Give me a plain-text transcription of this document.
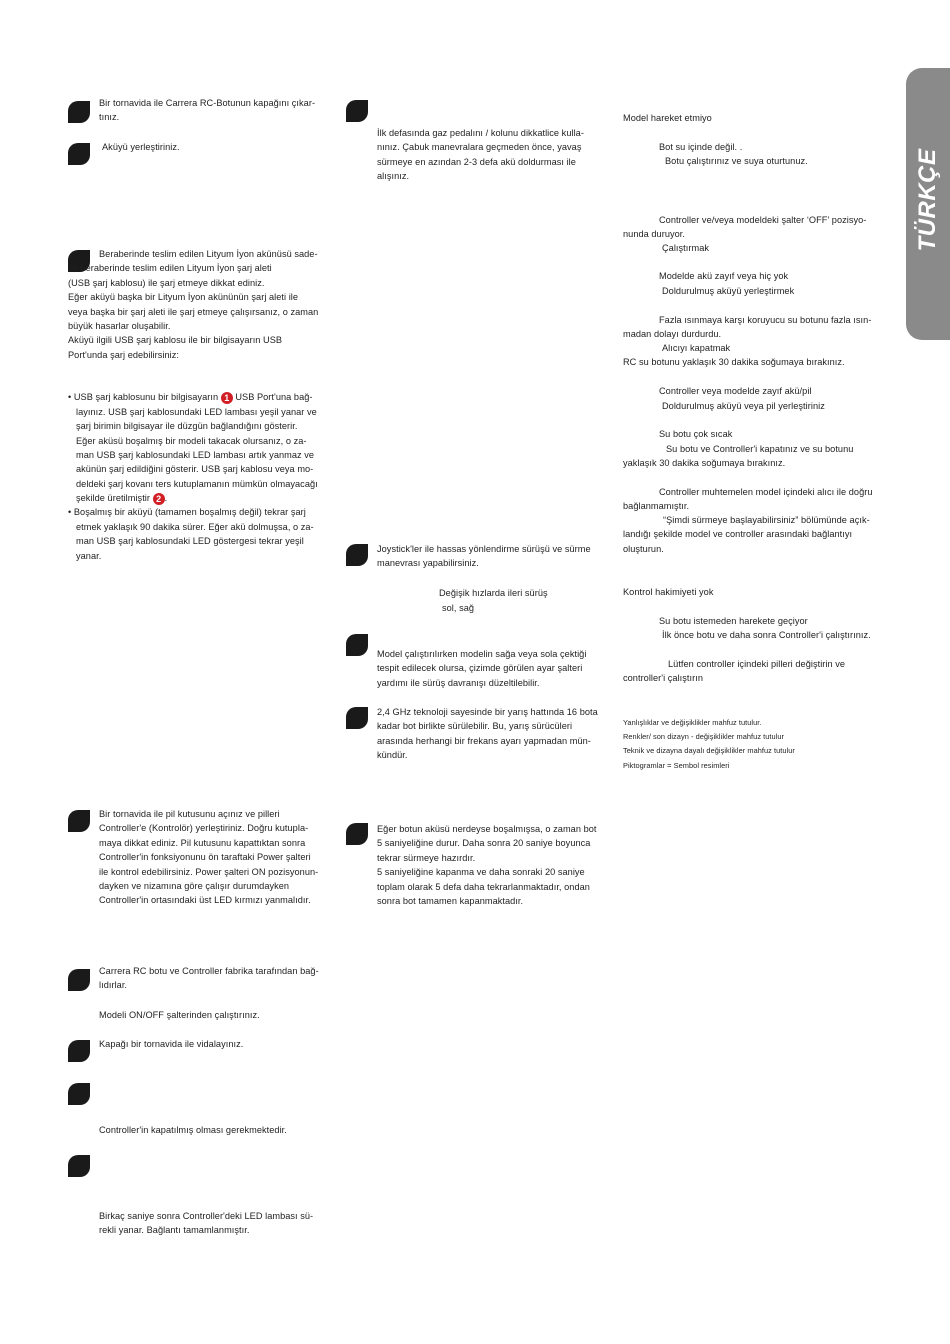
TÜRKÇE
Bir tornavida ile Carrera RC-Botunun kapağını çıkar-
tınız.
Aküyü yerleştiriniz.
Beraberinde teslim edilen Lityum İyon akünüsü sade-
ce beraberinde teslim edilen Lityum İyon şarj aleti
(USB şarj kablosu) ile şarj etmeye dikkat ediniz.
Eğer aküyü başka bir Lityum İyon akününün şarj aleti ile
veya başka bir şarj aleti ile şarj etmeye çalışırsanız, o zaman
büyük hasarlar oluşabilir.
Aküyü ilgili USB şarj kablosu ile bir bilgisayarın USB
Port'unda şarj edebilirsiniz:

• USB şarj kablosunu bir bilgisayarın 1 USB Port'una bağ-
layınız. USB şarj kablosundaki LED lambası yeşil yanar ve
şarj birimin bilgisayar ile düzgün bağlandığını gösterir.
Eğer aküsü boşalmış bir modeli takacak olursanız, o za-
man USB şarj kablosundaki LED lambası artık yanmaz ve
akünün şarj edildiğini gösterir. USB şarj kablosu veya mo-
deldeki şarj kovanı ters kutuplamanın mümkün olmayacağı
şekilde üretilmiştir 2 .

• Boşalmış bir aküyü (tamamen boşalmış değil) tekrar şarj
etmek yaklaşık 90 dakika sürer. Eğer akü dolmuşsa, o za-
man USB şarj kablosundaki LED göstergesi tekrar yeşil
yanar.

Bir tornavida ile pil kutusunu açınız ve pilleri
Controller'e (Kontrolör) yerleştiriniz. Doğru kutupla-
maya dikkat ediniz. Pil kutusunu kapattıktan sonra
Controller'in fonksiyonunu ön taraftaki Power şalteri
ile kontrol edebilirsiniz. Power şalteri ON pozisyonun-
dayken ve nizamına göre çalışır durumdayken
Controller'in ortasındaki üst LED kırmızı yanmalıdır.
Carrera RC botu ve Controller fabrika tarafından bağ-
lıdırlar.
Modeli ON/OFF şalterinden çalıştırınız.
Kapağı bir tornavida ile vidalayınız.
Controller'in kapatılmış olması gerekmektedir.
Birkaç saniye sonra Controller'deki LED lambası sü-
rekli yanar. Bağlantı tamamlanmıştır.
İlk defasında gaz pedalını / kolunu dikkatlice kulla-
nınız. Çabuk manevralara geçmeden önce, yavaş
sürmeye en azından 2-3 defa akü doldurması ile
alışınız.
Joystick'ler ile hassas yönlendirme sürüşü ve sürme
manevrası yapabilirsiniz.
Değişik hızlarda ileri sürüş
sol, sağ
Model çalıştırılırken modelin sağa veya sola çektiği
tespit edilecek olursa, çizimde görülen ayar şalteri
yardımı ile sürüş davranışı düzeltilebilir.
2,4 GHz teknoloji sayesinde bir yarış hattında 16 bota
kadar bot birlikte sürülebilir. Bu, yarış sürücüleri
arasında herhangi bir frekans ayarı yapmadan mün-
kündür.
Eğer botun aküsü nerdeyse boşalmışsa, o zaman bot
5 saniyeliğine durur. Daha sonra 20 saniye boyunca
tekrar sürmeye hazırdır.
5 saniyeliğine kapanma ve daha sonraki 20 saniye
toplam olarak 5 defa daha tekrarlanmaktadır, ondan
sonra bot tamamen kapanmaktadır.
Model hareket etmiyo
Bot su içinde değil. .
Botu çalıştırınız ve suya oturtunuz.
Controller ve/veya modeldeki şalter ‘OFF’ pozisyo-
nunda duruyor.
Çalıştırmak
Modelde akü zayıf veya hiç yok
Doldurulmuş aküyü yerleştirmek
Fazla ısınmaya karşı koruyucu su botunu fazla ısın-
madan dolayı durdurdu.
Alıcıyı kapatmak
RC su botunu yaklaşık 30 dakika soğumaya bırakınız.
Controller veya modelde zayıf akü/pil
Doldurulmuş aküyü veya pil yerleştiriniz
Su botu çok sıcak
Su botu ve Controller'i kapatınız ve su botunu
yaklaşık 30 dakika soğumaya bırakınız.
Controller muhtemelen model içindeki alıcı ile doğru
bağlanmamıştır.
“Şimdi sürmeye başlayabilirsiniz” bölümünde açık-
landığı şekilde model ve controller arasındaki bağlantıyı
oluşturun.
Kontrol hakimiyeti yok
Su botu istemeden harekete geçiyor
İlk önce botu ve daha sonra Controller'i çalıştırınız.
Lütfen controller içindeki pilleri değiştirin ve
controller'i çalıştırın
Yanlışlıklar ve değişiklikler mahfuz tutulur.
Renkler/ son dizayn - değişiklikler mahfuz tutulur
Teknik ve dizayna dayalı değişiklikler mahfuz tutulur
Piktogramlar = Sembol resimleri
